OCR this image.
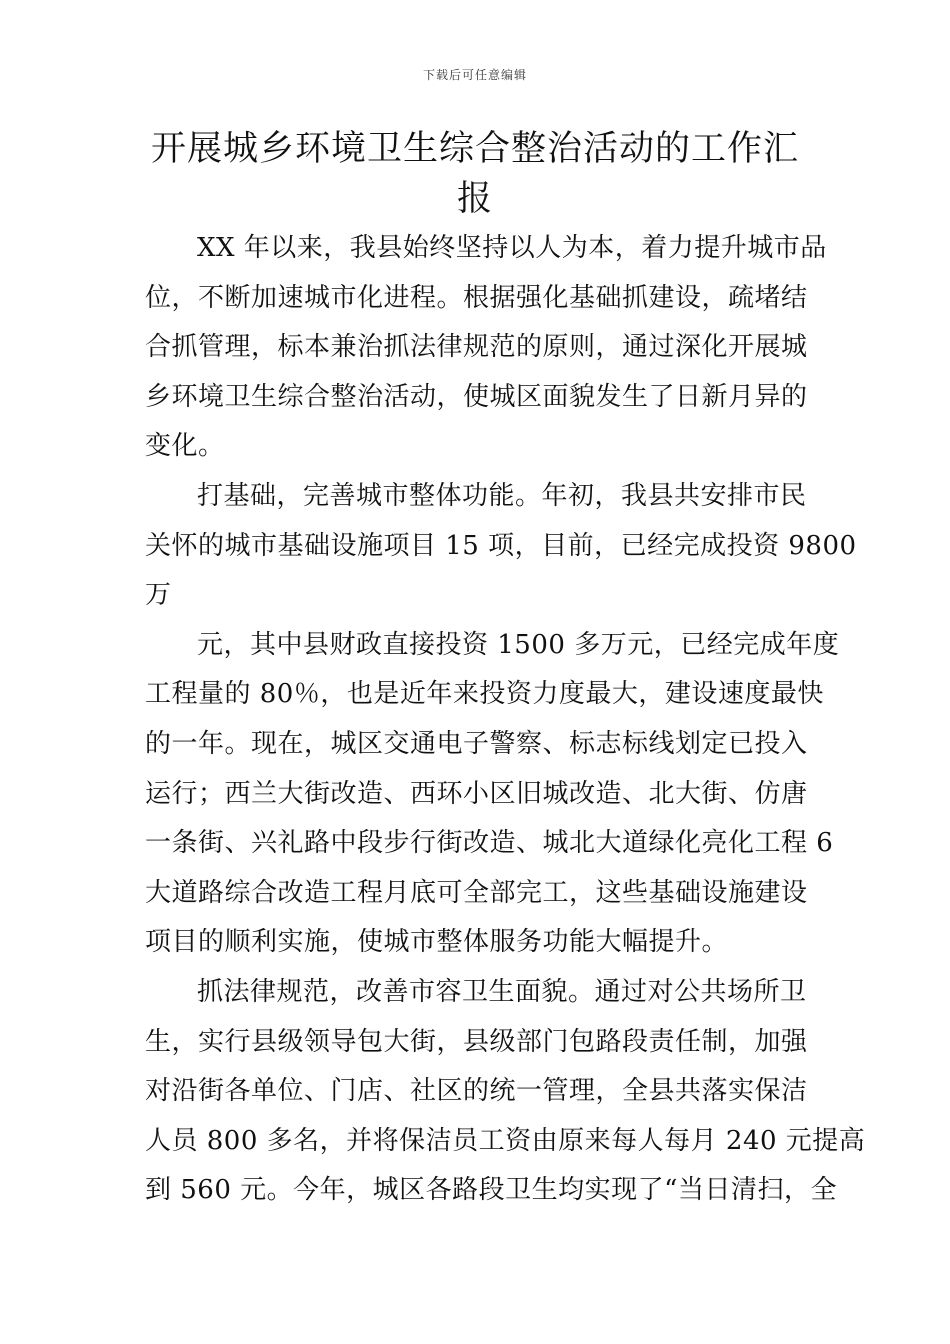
下载后可任意编辑
开展城乡环境卫生综合整治活动的工作汇
报
XX 年以来，我县始终坚持以人为本，着力提升城市品
位，不断加速城市化进程。根据强化基础抓建设，疏堵结
合抓管理，标本兼治抓法律规范的原则，通过深化开展城
乡环境卫生综合整治活动，使城区面貌发生了日新月异的
变化。
打基础，完善城市整体功能。年初，我县共安排市民
关怀的城市基础设施项目 15 项，目前，已经完成投资 9800
万
元，其中县财政直接投资 1500 多万元，已经完成年度
工程量的 80％，也是近年来投资力度最大，建设速度最快
的一年。现在，城区交通电子警察、标志标线划定已投入
运行；西兰大街改造、西环小区旧城改造、北大街、仿唐
一条街、兴礼路中段步行街改造、城北大道绿化亮化工程 6
大道路综合改造工程月底可全部完工，这些基础设施建设
项目的顺利实施，使城市整体服务功能大幅提升。
抓法律规范，改善市容卫生面貌。通过对公共场所卫
生，实行县级领导包大街，县级部门包路段责任制，加强
对沿街各单位、门店、社区的统一管理，全县共落实保洁
人员 800 多名，并将保洁员工资由原来每人每月 240 元提高
到 560 元。今年，城区各路段卫生均实现了“当日清扫，全
